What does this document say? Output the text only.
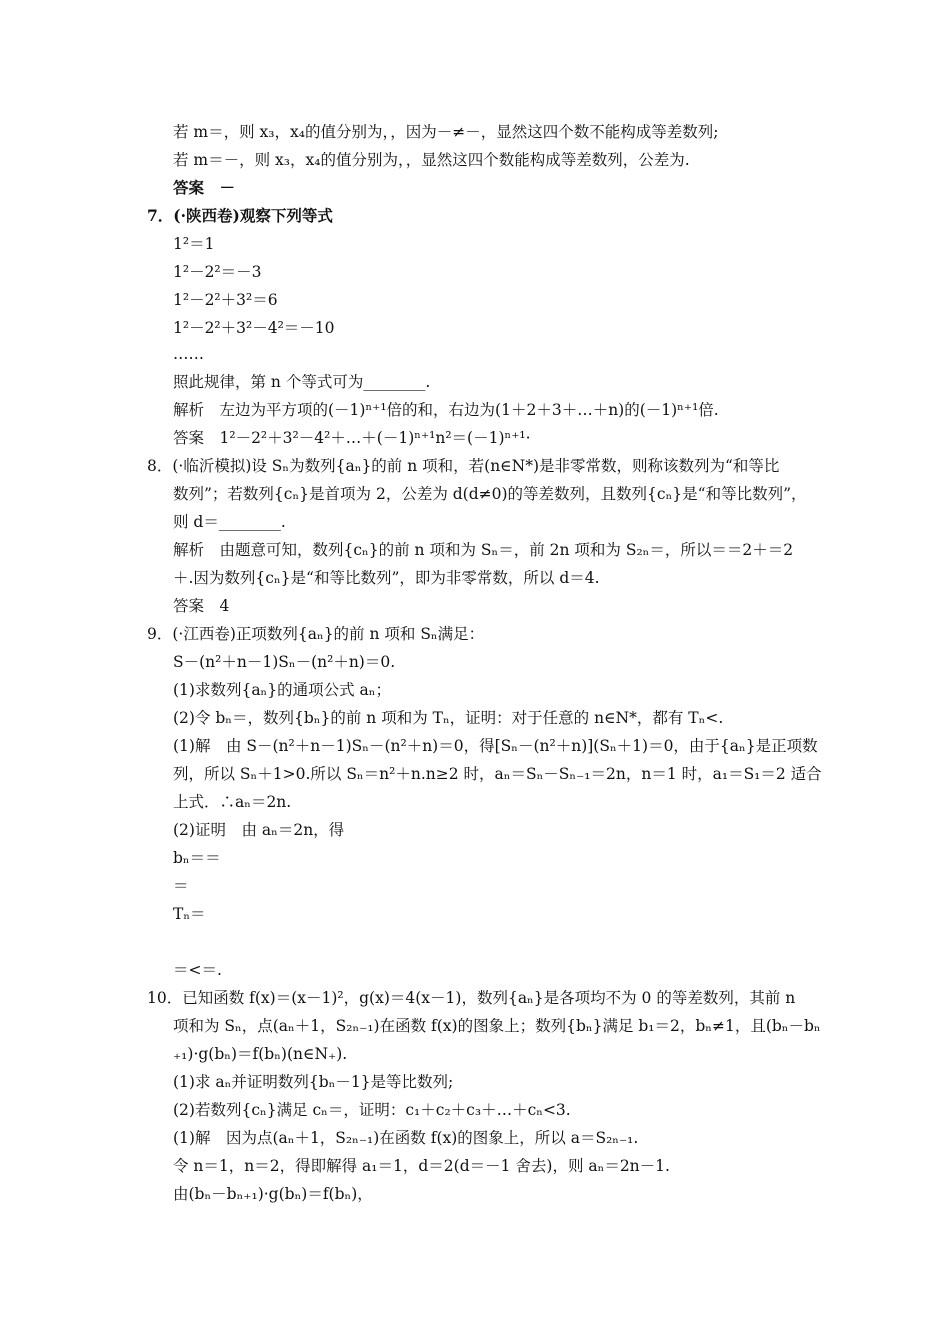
若 m＝，则 x₃，x₄的值分别为，，因为－≠－，显然这四个数不能构成等差数列;
若 m＝－，则 x₃，x₄的值分别为，，显然这四个数能构成等差数列，公差为.
答案　－
7．(·陕西卷)观察下列等式
1²＝1
1²－2²＝－3
1²－2²＋3²＝6
1²－2²＋3²－4²＝－10
……
照此规律，第 n 个等式可为________.
解析　左边为平方项的(－1)ⁿ⁺¹倍的和，右边为(1＋2＋3＋…＋n)的(－1)ⁿ⁺¹倍.
答案　1²－2²＋3²－4²＋…＋(－1)ⁿ⁺¹n²＝(－1)ⁿ⁺¹·
8．(·临沂模拟)设 Sₙ为数列{aₙ}的前 n 项和，若(n∈N*)是非零常数，则称该数列为“和等比
数列”；若数列{cₙ}是首项为 2，公差为 d(d≠0)的等差数列，且数列{cₙ}是“和等比数列”，
则 d＝________.
解析　由题意可知，数列{cₙ}的前 n 项和为 Sₙ＝，前 2n 项和为 S₂ₙ＝，所以＝＝2＋＝2
＋.因为数列{cₙ}是“和等比数列”，即为非零常数，所以 d＝4.
答案　4
9．(·江西卷)正项数列{aₙ}的前 n 项和 Sₙ满足：
S－(n²＋n－1)Sₙ－(n²＋n)＝0.
(1)求数列{aₙ}的通项公式 aₙ；
(2)令 bₙ＝，数列{bₙ}的前 n 项和为 Tₙ，证明：对于任意的 n∈N*，都有 Tₙ<.
(1)解　由 S－(n²＋n－1)Sₙ－(n²＋n)＝0，得[Sₙ－(n²＋n)](Sₙ＋1)＝0，由于{aₙ}是正项数
列，所以 Sₙ＋1>0.所以 Sₙ＝n²＋n.n≥2 时，aₙ＝Sₙ－Sₙ₋₁＝2n，n＝1 时，a₁＝S₁＝2 适合
上式．∴aₙ＝2n.
(2)证明　由 aₙ＝2n，得
bₙ＝＝
＝
Tₙ＝
＝<＝.
10．已知函数 f(x)＝(x－1)²，g(x)＝4(x－1)，数列{aₙ}是各项均不为 0 的等差数列，其前 n
项和为 Sₙ，点(aₙ＋1，S₂ₙ₋₁)在函数 f(x)的图象上；数列{bₙ}满足 b₁＝2，bₙ≠1，且(bₙ－bₙ
₊₁)·g(bₙ)＝f(bₙ)(n∈N₊).
(1)求 aₙ并证明数列{bₙ－1}是等比数列;
(2)若数列{cₙ}满足 cₙ＝，证明：c₁＋c₂＋c₃＋…＋cₙ<3.
(1)解　因为点(aₙ＋1，S₂ₙ₋₁)在函数 f(x)的图象上，所以 a＝S₂ₙ₋₁.
令 n＝1，n＝2，得即解得 a₁＝1，d＝2(d＝－1 舍去)，则 aₙ＝2n－1.
由(bₙ－bₙ₊₁)·g(bₙ)＝f(bₙ)，
